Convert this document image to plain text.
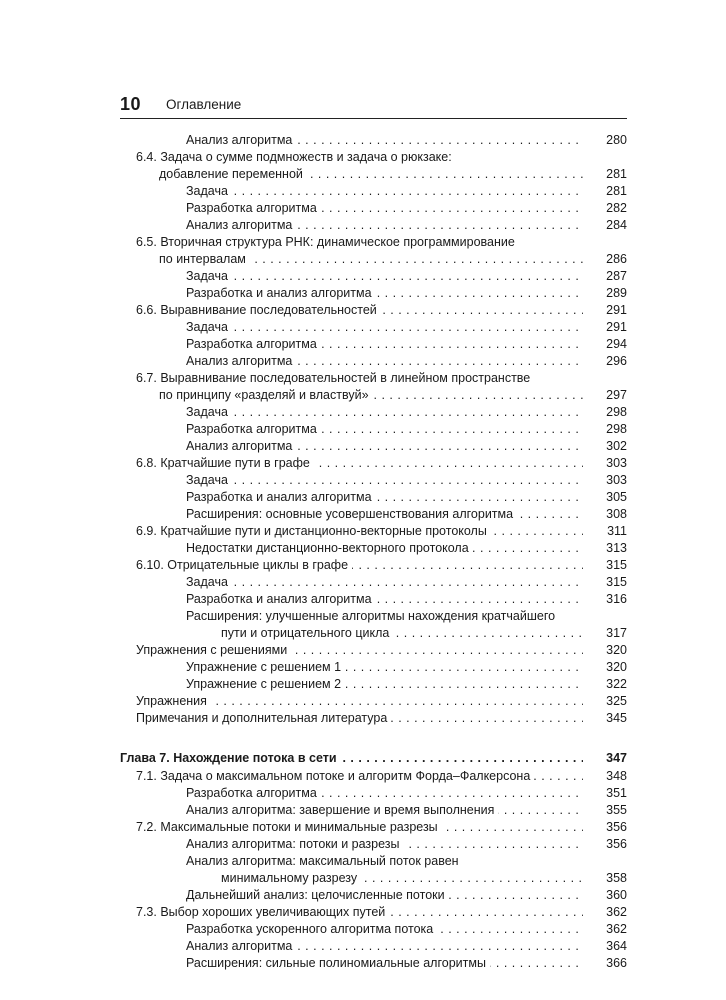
10 Оглавление
Анализ алгоритма . . .	280
6.4. Задача о сумме подмножеств и задача о рюкзаке:
добавление переменной . . .	281
Задача . . .	281
Разработка алгоритма . . .	282
Анализ алгоритма . . .	284
6.5. Вторичная структура РНК: динамическое программирование
по интервалам . . .	286
Задача . . .	287
Разработка и анализ алгоритма . . .	289
6.6. Выравнивание последовательностей . . .	291
Задача . . .	291
Разработка алгоритма . . .	294
Анализ алгоритма . . .	296
6.7. Выравнивание последовательностей в линейном пространстве
по принципу «разделяй и властвуй» . . .	297
Задача . . .	298
Разработка алгоритма . . .	298
Анализ алгоритма . . .	302
6.8. Кратчайшие пути в графе . . .	303
Задача . . .	303
Разработка и анализ алгоритма . . .	305
Расширения: основные усовершенствования алгоритма . . .	308
6.9. Кратчайшие пути и дистанционно-векторные протоколы . . .	311
Недостатки дистанционно-векторного протокола . . .	313
6.10. Отрицательные циклы в графе . . .	315
Задача . . .	315
Разработка и анализ алгоритма . . .	316
Расширения: улучшенные алгоритмы нахождения кратчайшего
пути и отрицательного цикла . . .	317
Упражнения с решениями . . .	320
Упражнение с решением 1 . . .	320
Упражнение с решением 2 . . .	322
Упражнения . . .	325
Примечания и дополнительная литература . . .	345
Глава 7. Нахождение потока в сети . . .	347
7.1. Задача о максимальном потоке и алгоритм Форда–Фалкерсона . . .	348
Разработка алгоритма . . .	351
Анализ алгоритма: завершение и время выполнения . . .	355
7.2. Максимальные потоки и минимальные разрезы . . .	356
Анализ алгоритма: потоки и разрезы . . .	356
Анализ алгоритма: максимальный поток равен
минимальному разрезу . . .	358
Дальнейший анализ: целочисленные потоки . . .	360
7.3. Выбор хороших увеличивающих путей . . .	362
Разработка ускоренного алгоритма потока . . .	362
Анализ алгоритма . . .	364
Расширения: сильные полиномиальные алгоритмы . . .	366
